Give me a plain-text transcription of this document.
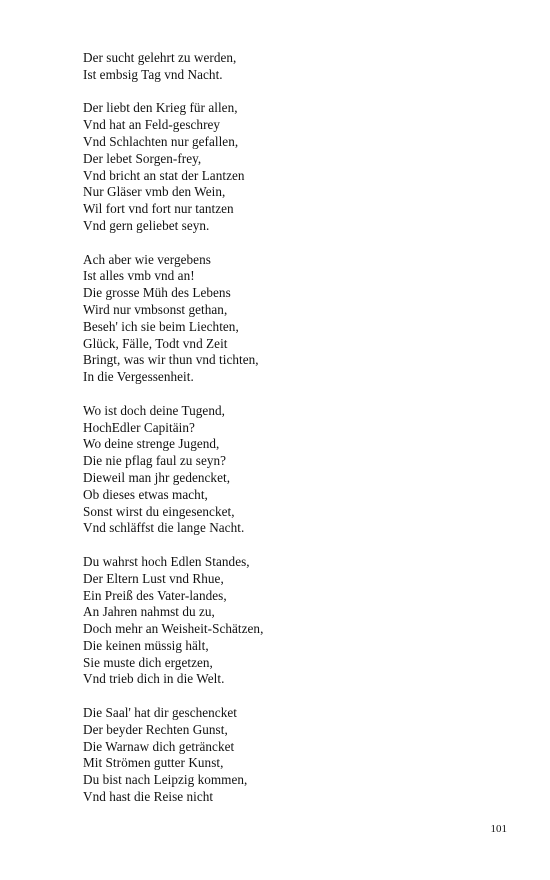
Der sucht gelehrt zu werden,
Ist embsig Tag vnd Nacht.
Der liebt den Krieg für allen,
Vnd hat an Feld-geschrey
Vnd Schlachten nur gefallen,
Der lebet Sorgen-frey,
Vnd bricht an stat der Lantzen
Nur Gläser vmb den Wein,
Wil fort vnd fort nur tantzen
Vnd gern geliebet seyn.
Ach aber wie vergebens
Ist alles vmb vnd an!
Die grosse Müh des Lebens
Wird nur vmbsonst gethan,
Beseh' ich sie beim Liechten,
Glück, Fälle, Todt vnd Zeit
Bringt, was wir thun vnd tichten,
In die Vergessenheit.
Wo ist doch deine Tugend,
HochEdler Capitäin?
Wo deine strenge Jugend,
Die nie pflag faul zu seyn?
Dieweil man jhr gedencket,
Ob dieses etwas macht,
Sonst wirst du eingesencket,
Vnd schläffst die lange Nacht.
Du wahrst hoch Edlen Standes,
Der Eltern Lust vnd Rhue,
Ein Preiß des Vater-landes,
An Jahren nahmst du zu,
Doch mehr an Weisheit-Schätzen,
Die keinen müssig hält,
Sie muste dich ergetzen,
Vnd trieb dich in die Welt.
Die Saal' hat dir geschencket
Der beyder Rechten Gunst,
Die Warnaw dich geträncket
Mit Strömen gutter Kunst,
Du bist nach Leipzig kommen,
Vnd hast die Reise nicht
101
